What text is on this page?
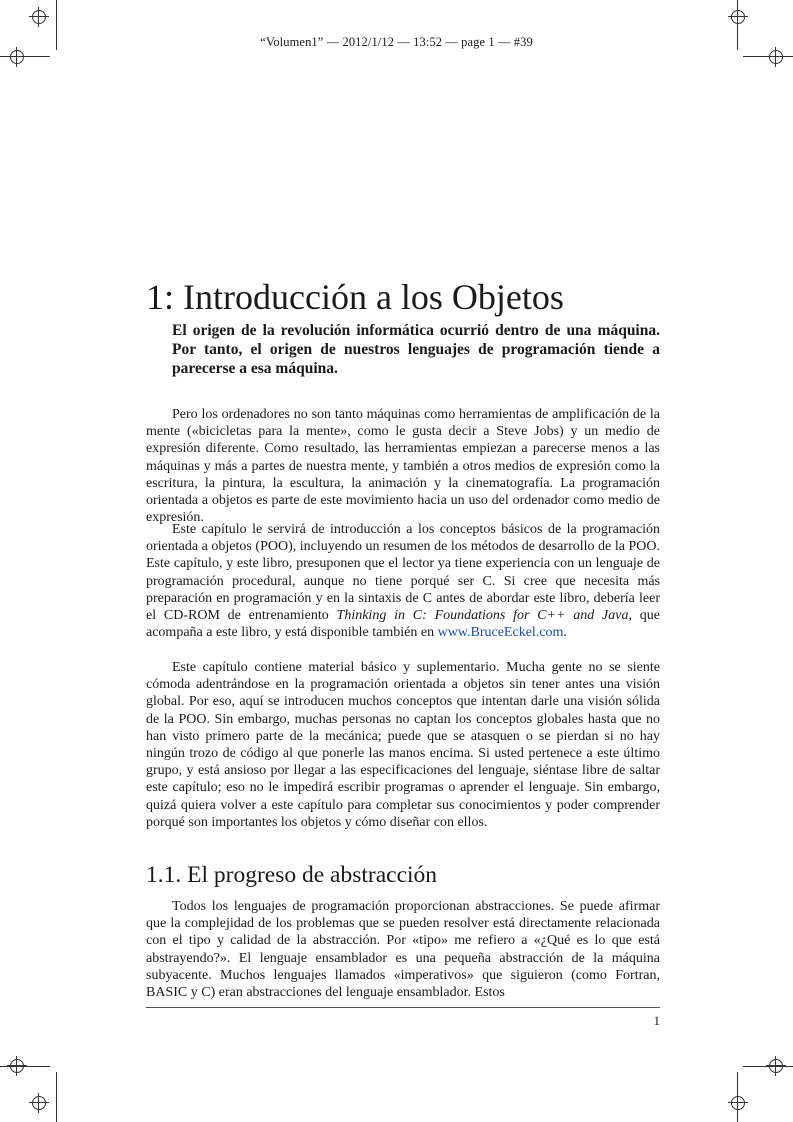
“Volumen1” — 2012/1/12 — 13:52 — page 1 — #39
1: Introducción a los Objetos

El origen de la revolución informática ocurrió dentro de una máquina. Por tanto, el origen de nuestros lenguajes de programación tiende a parecerse a esa máquina.

Pero los ordenadores no son tanto máquinas como herramientas de amplificación de la mente («bicicletas para la mente», como le gusta decir a Steve Jobs) y un medio de expresión diferente. Como resultado, las herramientas empiezan a parecerse menos a las máquinas y más a partes de nuestra mente, y también a otros medios de expresión como la escritura, la pintura, la escultura, la animación y la cinematografía. La programación orientada a objetos es parte de este movimiento hacia un uso del ordenador como medio de expresión.

Este capítulo le servirá de introducción a los conceptos básicos de la programación orientada a objetos (POO), incluyendo un resumen de los métodos de desarrollo de la POO. Este capítulo, y este libro, presuponen que el lector ya tiene experiencia con un lenguaje de programación procedural, aunque no tiene porqué ser C. Si cree que necesita más preparación en programación y en la sintaxis de C antes de abordar este libro, debería leer el CD-ROM de entrenamiento Thinking in C: Foundations for C++ and Java, que acompaña a este libro, y está disponible también en www.BruceEckel.com.

Este capítulo contiene material básico y suplementario. Mucha gente no se siente cómoda adentrándose en la programación orientada a objetos sin tener antes una visión global. Por eso, aquí se introducen muchos conceptos que intentan darle una visión sólida de la POO. Sin embargo, muchas personas no captan los conceptos globales hasta que no han visto primero parte de la mecánica; puede que se atasquen o se pierdan si no hay ningún trozo de código al que ponerle las manos encima. Si usted pertenece a este último grupo, y está ansioso por llegar a las especificaciones del lenguaje, siéntase libre de saltar este capítulo; eso no le impedirá escribir programas o aprender el lenguaje. Sin embargo, quizá quiera volver a este capítulo para completar sus conocimientos y poder comprender porqué son importantes los objetos y cómo diseñar con ellos.

1.1. El progreso de abstracción

Todos los lenguajes de programación proporcionan abstracciones. Se puede afirmar que la complejidad de los problemas que se pueden resolver está directamente relacionada con el tipo y calidad de la abstracción. Por «tipo» me refiero a «¿Qué es lo que está abstrayendo?». El lenguaje ensamblador es una pequeña abstracción de la máquina subyacente. Muchos lenguajes llamados «imperativos» que siguieron (como Fortran, BASIC y C) eran abstracciones del lenguaje ensamblador. Estos

1
